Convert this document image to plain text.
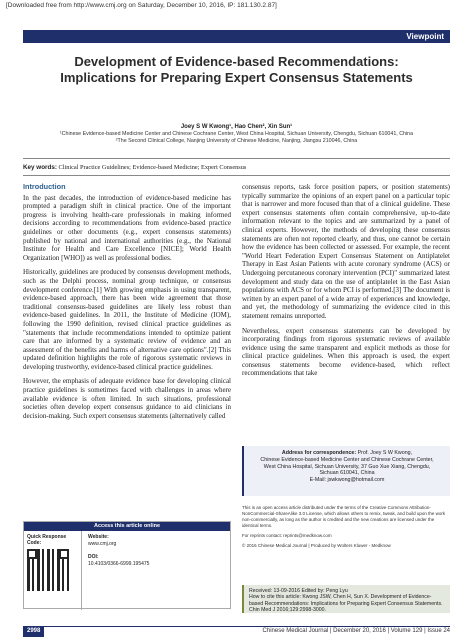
[Downloaded free from http://www.cmj.org on Saturday, December 10, 2016, IP: 181.130.2.87]
Viewpoint
Development of Evidence-based Recommendations:
Implications for Preparing Expert Consensus Statements
Joey S W Kwong¹, Hao Chen², Xin Sun¹
¹Chinese Evidence-based Medicine Center and Chinese Cochrane Center, West China Hospital, Sichuan University, Chengdu, Sichuan 610041, China
²The Second Clinical College, Nanjing University of Chinese Medicine, Nanjing, Jiangsu 210046, China
Key words: Clinical Practice Guidelines; Evidence-based Medicine; Expert Consensus
Introduction

In the past decades, the introduction of evidence-based medicine has prompted a paradigm shift in clinical practice. One of the important progress is involving health-care professionals in making informed decisions according to recommendations from evidence-based practice guidelines or other documents (e.g., expert consensus statements) published by national and international authorities (e.g., the National Institute for Health and Care Excellence [NICE]; World Health Organization [WHO]) as well as professional bodies.

Historically, guidelines are produced by consensus development methods, such as the Delphi process, nominal group technique, or consensus development conference.[1] With growing emphasis in using transparent, evidence-based approach, there has been wide agreement that those traditional consensus-based guidelines are likely less robust than evidence-based guidelines. In 2011, the Institute of Medicine (IOM), following the 1990 definition, revised clinical practice guidelines as "statements that include recommendations intended to optimize patient care that are informed by a systematic review of evidence and an assessment of the benefits and harms of alternative care options".[2] This updated definition highlights the role of rigorous systematic reviews in developing trustworthy, evidence-based clinical practice guidelines.

However, the emphasis of adequate evidence base for developing clinical practice guidelines is sometimes faced with challenges in areas where available evidence is often limited. In such situations, professional societies often develop expert consensus guidance to aid clinicians in decision-making. Such expert consensus statements (alternatively called

Access this article online
Quick Response Code:
Website:
www.cmj.org
DOI:
10.4103/0366-6999.195475

consensus reports, task force position papers, or position statements) typically summarize the opinions of an expert panel on a particular topic that is narrower and more focused than that of a clinical guideline. These expert consensus statements often contain comprehensive, up-to-date information relevant to the topics and are summarized by a panel of clinical experts. However, the methods of developing these consensus statements are often not reported clearly, and thus, one cannot be certain how the evidence has been collected or assessed. For example, the recent "World Heart Federation Expert Consensus Statement on Antiplatelet Therapy in East Asian Patients with acute coronary syndrome (ACS) or Undergoing percutaneous coronary intervention (PCI)" summarized latest development and study data on the use of antiplatelet in the East Asian populations with ACS or for whom PCI is performed.[3] The document is written by an expert panel of a wide array of experiences and knowledge, and yet, the methodology of summarizing the evidence cited in this statement remains unreported.

Nevertheless, expert consensus statements can be developed by incorporating findings from rigorous systematic reviews of available evidence using the same transparent and explicit methods as those for clinical practice guidelines. When this approach is used, the expert consensus statements become evidence-based, which reflect recommendations that take

Address for correspondence: Prof. Joey S W Kwong,
Chinese Evidence-based Medicine Center and Chinese Cochrane Center,
West China Hospital, Sichuan University, 37 Guo Xue Xiang, Chengdu,
Sichuan 610041, China
E-Mail: jswkwong@hotmail.com
This is an open access article distributed under the terms of the Creative Commons Attribution-NonCommercial-ShareAlike 3.0 License, which allows others to remix, tweak, and build upon the work non-commercially, as long as the author is credited and the new creations are licensed under the identical terms.
For reprints contact: reprints@medknow.com
© 2016 Chinese Medical Journal | Produced by Wolters Kluwer - Medknow
Received: 13-09-2016 Edited by: Peng Lyu
How to cite this article: Kwong JSW, Chen H, Sun X. Development of Evidence-based Recommendations: Implications for Preparing Expert Consensus Statements. Chin Med J 2016;129:2998-3000.
2998	Chinese Medical Journal | December 20, 2016 | Volume 129 | Issue 24
